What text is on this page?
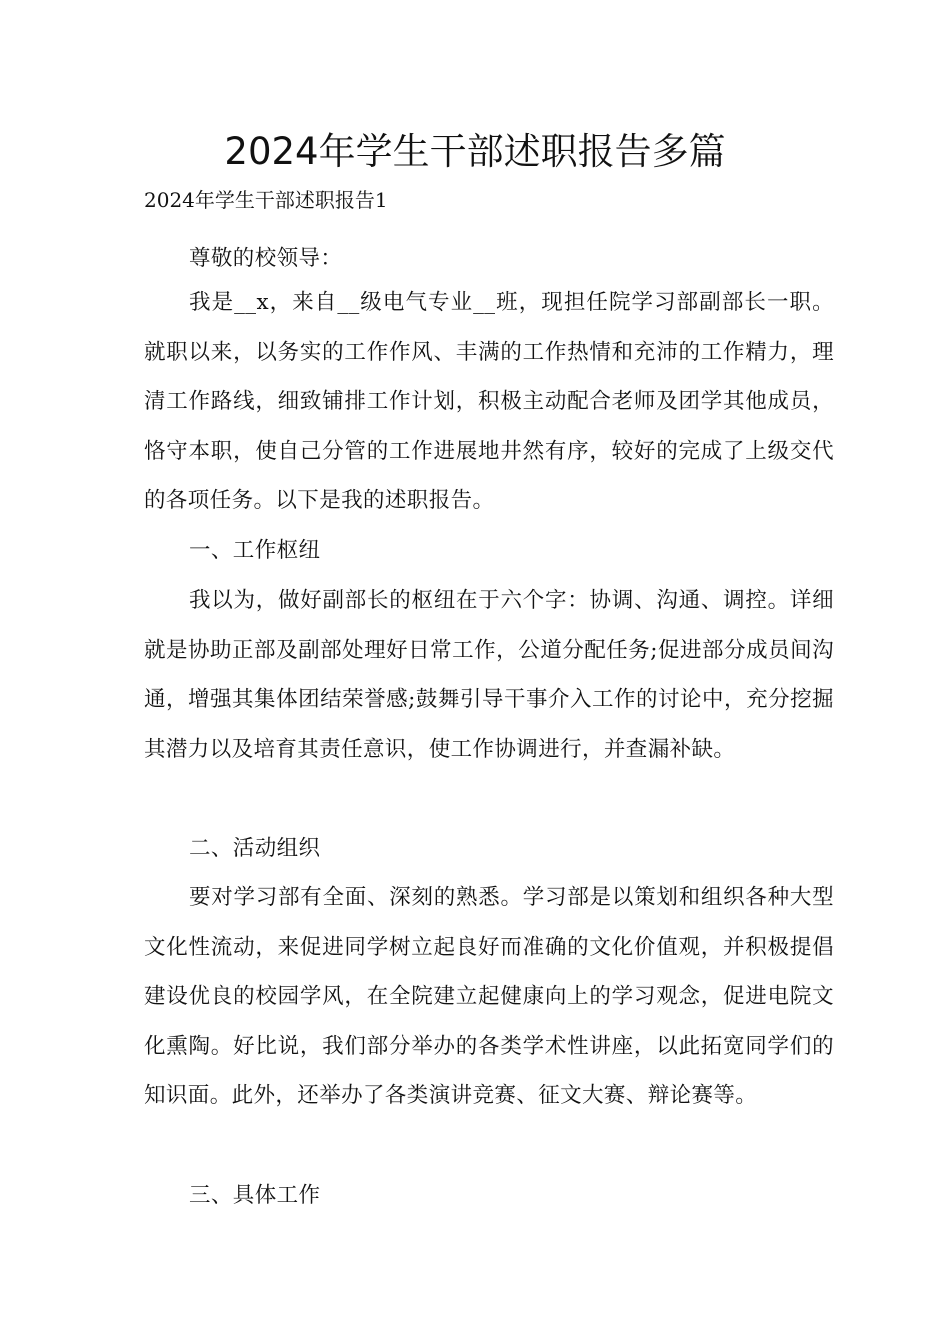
2024年学生干部述职报告多篇

2024年学生干部述职报告1

尊敬的校领导：

我是__x，来自__级电气专业__班，现担任院学习部副部长一职。就职以来，以务实的工作作风、丰满的工作热情和充沛的工作精力，理清工作路线，细致铺排工作计划，积极主动配合老师及团学其他成员，恪守本职，使自己分管的工作进展地井然有序，较好的完成了上级交代的各项任务。以下是我的述职报告。

一、工作枢纽

我以为，做好副部长的枢纽在于六个字：协调、沟通、调控。详细就是协助正部及副部处理好日常工作，公道分配任务;促进部分成员间沟通，增强其集体团结荣誉感;鼓舞引导干事介入工作的讨论中，充分挖掘其潜力以及培育其责任意识，使工作协调进行，并查漏补缺。

二、活动组织

要对学习部有全面、深刻的熟悉。学习部是以策划和组织各种大型文化性流动，来促进同学树立起良好而准确的文化价值观，并积极提倡建设优良的校园学风，在全院建立起健康向上的学习观念，促进电院文化熏陶。好比说，我们部分举办的各类学术性讲座，以此拓宽同学们的知识面。此外，还举办了各类演讲竞赛、征文大赛、辩论赛等。

三、具体工作
